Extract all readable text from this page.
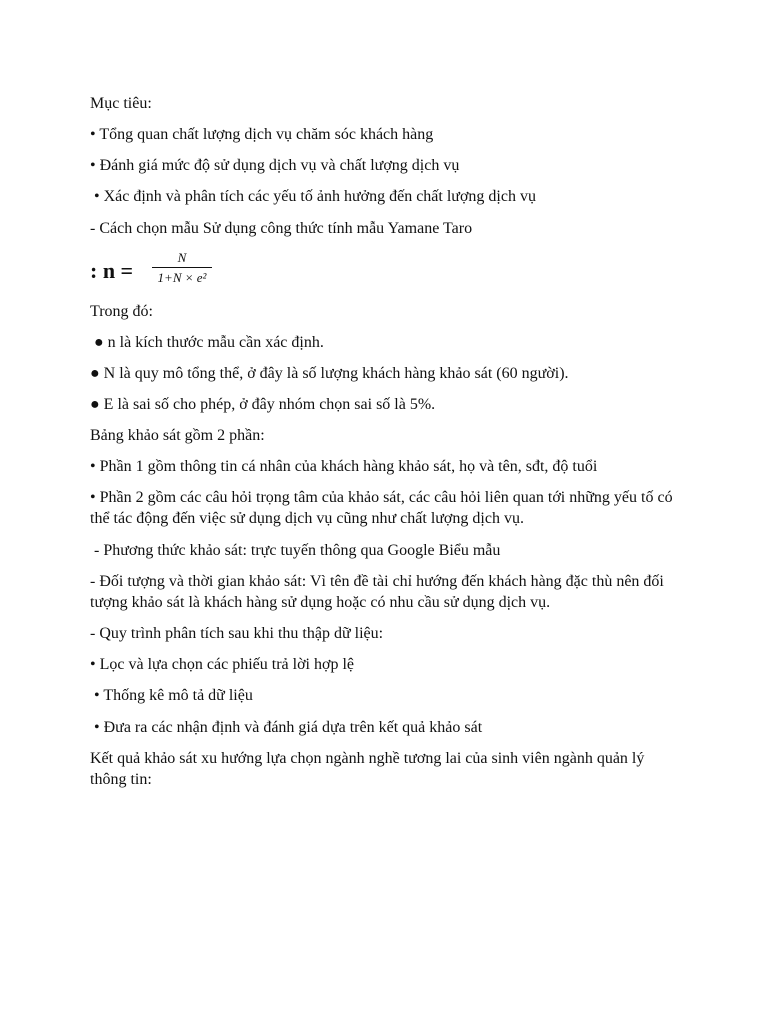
Mục tiêu:
• Tổng quan chất lượng dịch vụ chăm sóc khách hàng
• Đánh giá mức độ sử dụng dịch vụ và chất lượng dịch vụ
• Xác định và phân tích các yếu tố ảnh hưởng đến chất lượng dịch vụ
- Cách chọn mẫu Sử dụng công thức tính mẫu Yamane Taro
: n =
N
1+N × e²
Trong đó:
● n là kích thước mẫu cần xác định.
● N là quy mô tổng thể, ở đây là số lượng khách hàng khảo sát (60 người).
● E là sai số cho phép, ở đây nhóm chọn sai số là 5%.
Bảng khảo sát gồm 2 phần:
• Phần 1 gồm thông tin cá nhân của khách hàng khảo sát, họ và tên, sđt, độ tuổi
• Phần 2 gồm các câu hỏi trọng tâm của khảo sát, các câu hỏi liên quan tới những yếu tố có thể tác động đến việc sử dụng dịch vụ cũng như chất lượng dịch vụ.
- Phương thức khảo sát: trực tuyến thông qua Google Biểu mẫu
- Đối tượng và thời gian khảo sát: Vì tên đề tài chỉ hướng đến khách hàng đặc thù nên đối tượng khảo sát là khách hàng sử dụng hoặc có nhu cầu sử dụng dịch vụ.
- Quy trình phân tích sau khi thu thập dữ liệu:
• Lọc và lựa chọn các phiếu trả lời hợp lệ
• Thống kê mô tả dữ liệu
• Đưa ra các nhận định và đánh giá dựa trên kết quả khảo sát
Kết quả khảo sát xu hướng lựa chọn ngành nghề tương lai của sinh viên ngành quản lý thông tin:
